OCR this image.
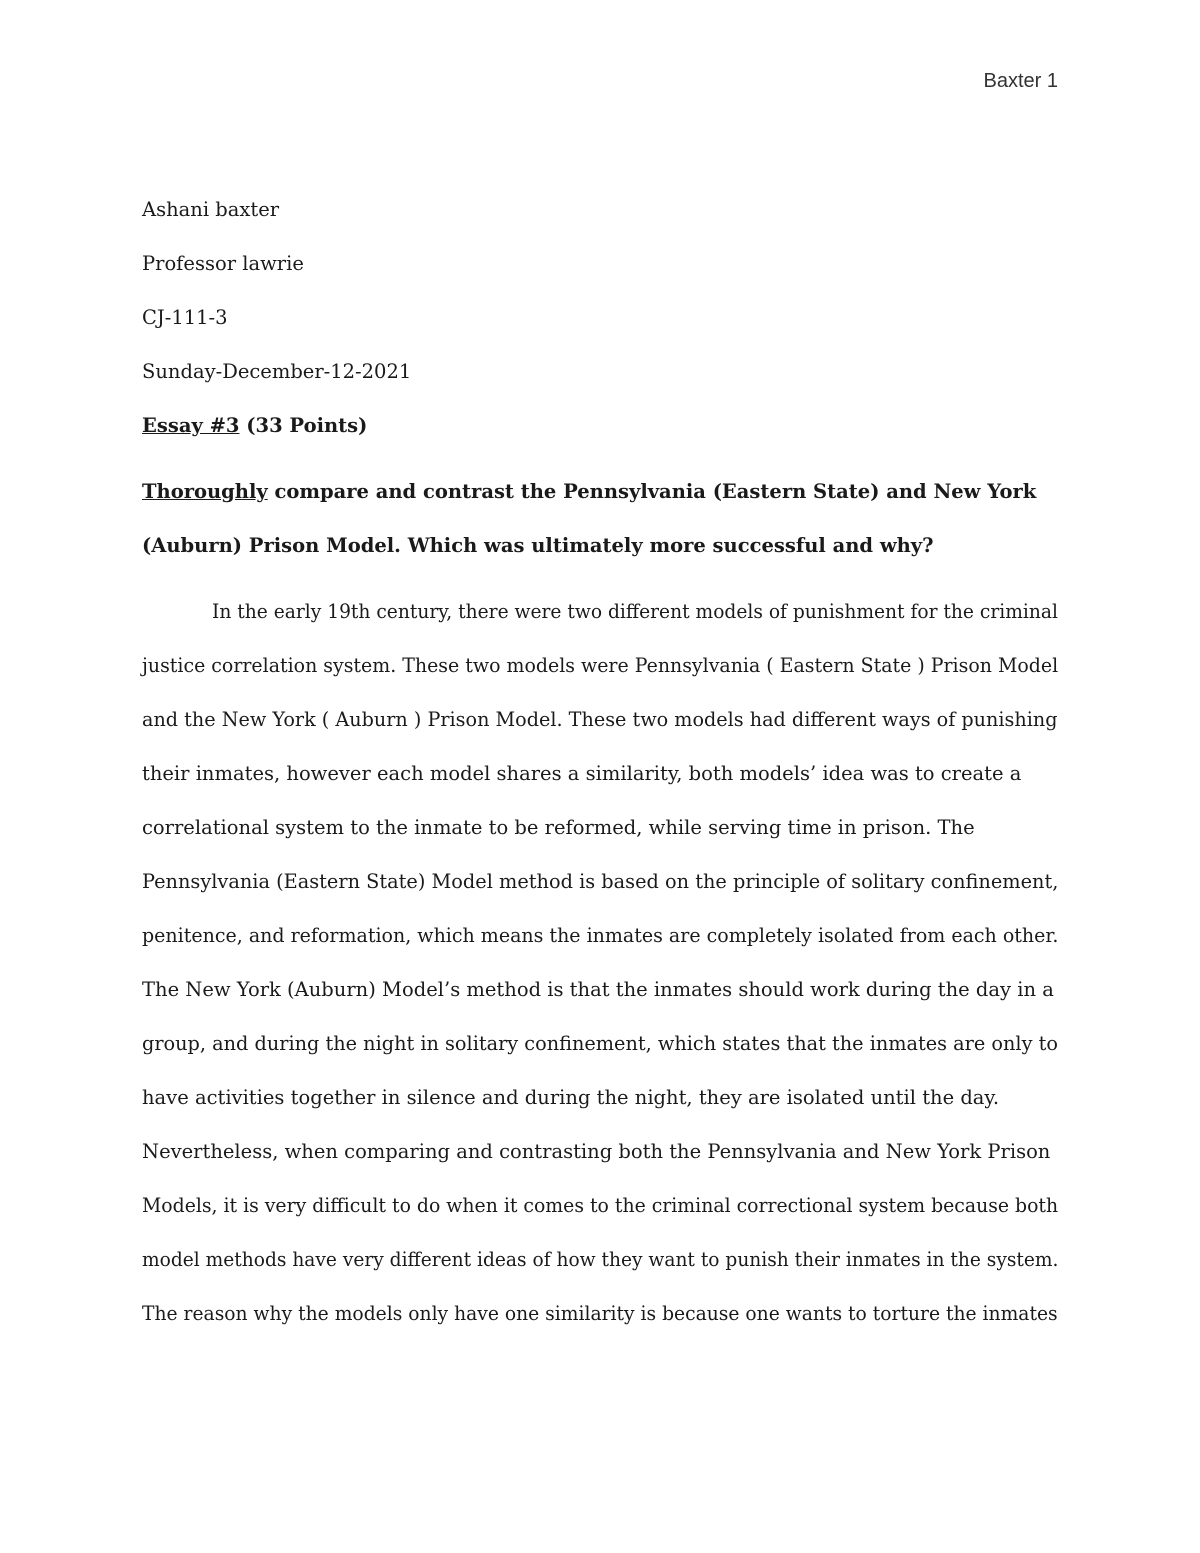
Baxter 1
Ashani baxter
Professor lawrie
CJ-111-3
Sunday-December-12-2021
Essay #3 (33 Points)
Thoroughly compare and contrast the Pennsylvania (Eastern State) and New York
(Auburn) Prison Model. Which was ultimately more successful and why?
In the early 19th century, there were two different models of punishment for the criminal
justice correlation system. These two models were Pennsylvania ( Eastern State ) Prison Model
and the New York ( Auburn ) Prison Model. These two models had different ways of punishing
their inmates, however each model shares a similarity, both models’ idea was to create a
correlational system to the inmate to be reformed, while serving time in prison. The
Pennsylvania (Eastern State) Model method is based on the principle of solitary confinement,
penitence, and reformation, which means the inmates are completely isolated from each other.
The New York (Auburn) Model’s method is that the inmates should work during the day in a
group, and during the night in solitary confinement, which states that the inmates are only to
have activities together in silence and during the night, they are isolated until the day.
Nevertheless, when comparing and contrasting both the Pennsylvania and New York Prison
Models, it is very difficult to do when it comes to the criminal correctional system because both
model methods have very different ideas of how they want to punish their inmates in the system.
The reason why the models only have one similarity is because one wants to torture the inmates
